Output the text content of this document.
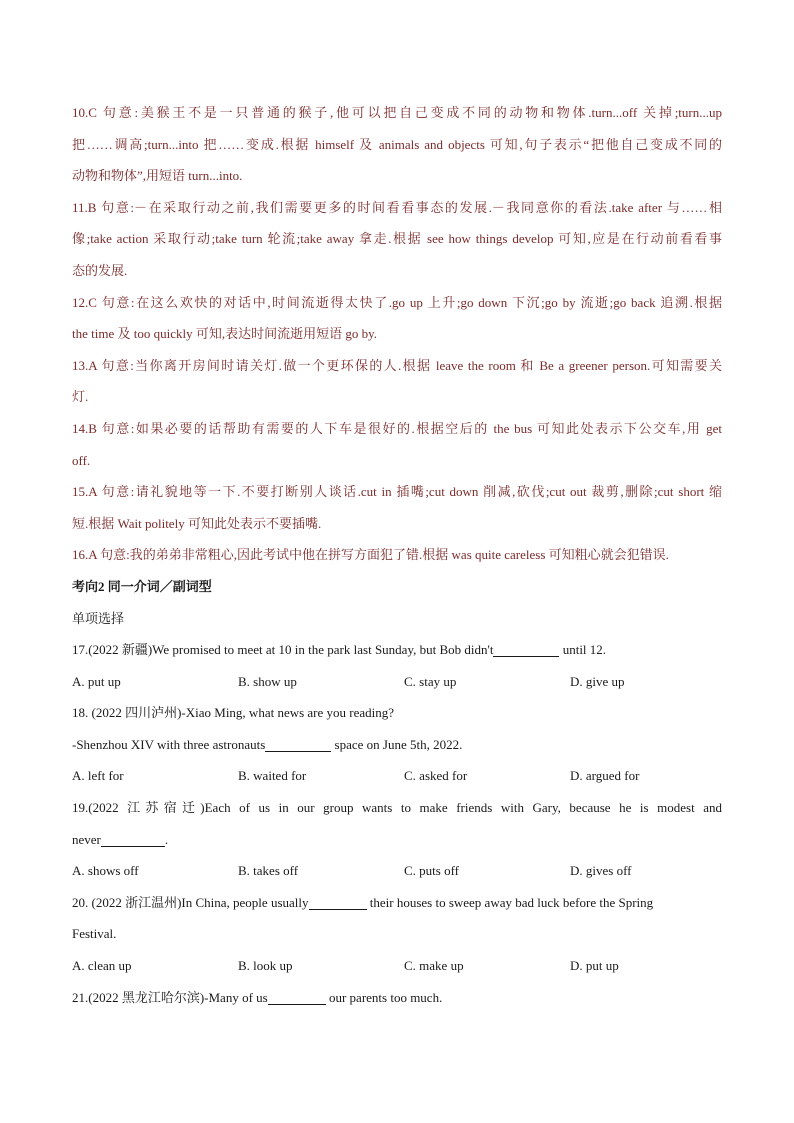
10.C 句意:美猴王不是一只普通的猴子,他可以把自己变成不同的动物和物体.turn...off 关掉;turn...up
把……调高;turn...into 把……变成.根据 himself 及 animals and objects 可知,句子表示“把他自己变成不同的
动物和物体”,用短语 turn...into.
11.B 句意:－在采取行动之前,我们需要更多的时间看看事态的发展.－我同意你的看法.take after 与……相
像;take action 采取行动;take turn 轮流;take away 拿走.根据 see how things develop 可知,应是在行动前看看事
态的发展.
12.C 句意:在这么欢快的对话中,时间流逝得太快了.go up 上升;go down 下沉;go by 流逝;go back 追溯.根据
the time 及 too quickly 可知,表达时间流逝用短语 go by.
13.A 句意:当你离开房间时请关灯.做一个更环保的人.根据 leave the room 和 Be a greener person.可知需要关
灯.
14.B 句意:如果必要的话帮助有需要的人下车是很好的.根据空后的 the bus 可知此处表示下公交车,用 get
off.
15.A 句意:请礼貌地等一下.不要打断别人谈话.cut in 插嘴;cut down 削减,砍伐;cut out 裁剪,删除;cut short 缩
短.根据 Wait politely 可知此处表示不要插嘴.
16.A 句意:我的弟弟非常粗心,因此考试中他在拼写方面犯了错.根据 was quite careless 可知粗心就会犯错误.
考向2 同一介词／副词型
单项选择
17.(2022 新疆)We promised to meet at 10 in the park last Sunday, but Bob didn't	until 12.
A. put up	B. show up	C. stay up	D. give up
18. (2022 四川泸州)-Xiao Ming, what news are you reading?
-Shenzhou XIV with three astronauts	space on June 5th, 2022.
A. left for	B. waited for	C. asked for	D. argued for
19.(2022 江苏宿迁)Each of us in our group wants to make friends with Gary, because he is modest and
never	.
A. shows off	B. takes off	C. puts off	D. gives off
20. (2022 浙江温州)In China, people usually	their houses to sweep away bad luck before the Spring
Festival.
A. clean up	B. look up	C. make up	D. put up
21.(2022 黑龙江哈尔滨)-Many of us	our parents too much.
